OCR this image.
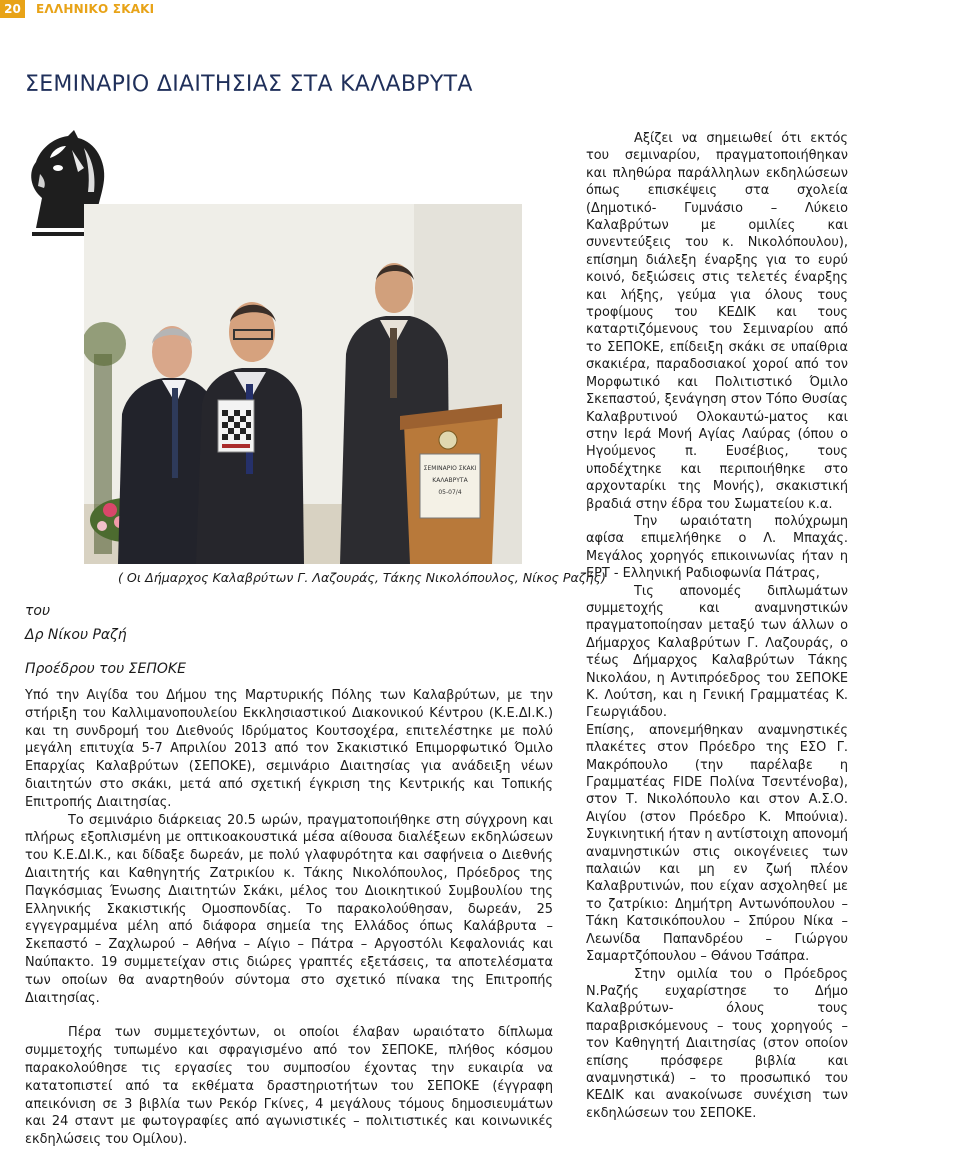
20	ΕΛΛΗΝΙΚΟ ΣΚΑΚΙ
ΣΕΜΙΝΑΡΙΟ ΔΙΑΙΤΗΣΙΑΣ ΣΤΑ ΚΑΛΑΒΡΥΤΑ
ΣΕΜΙΝΑΡΙΟ ΣΚΑΚΙ
ΚΑΛΑΒΡΥΤΑ
05-07/4
( Οι Δήμαρχος Καλαβρύτων Γ. Λαζουράς, Τάκης Νικολόπουλος, Νίκος Ραζής)
του
Δρ Νίκου Ραζή
Προέδρου του ΣΕΠΟΚΕ

Υπό την Αιγίδα του Δήμου της Μαρτυρικής Πόλης των Καλαβρύτων, με την στήριξη του Καλλιμανοπουλείου Εκκλησιαστικού Διακονικού Κέντρου (Κ.Ε.ΔΙ.Κ.) και τη συνδρομή του Διεθνούς Ιδρύματος Κουτσοχέρα, επιτελέστηκε με πολύ μεγάλη επιτυχία 5-7 Απριλίου 2013 από τον Σκακιστικό Επιμορφωτικό Όμιλο Επαρχίας Καλαβρύτων (ΣΕΠΟΚΕ), σεμινάριο Διαιτησίας για ανάδειξη νέων διαιτητών στο σκάκι, μετά από σχετική έγκριση της Κεντρικής και Τοπικής Επιτροπής Διαιτησίας.

Το σεμινάριο διάρκειας 20.5 ωρών, πραγματοποιήθηκε στη σύγχρονη και πλήρως εξοπλισμένη με οπτικοακουστικά μέσα αίθουσα διαλέξεων εκδηλώσεων του Κ.Ε.ΔΙ.Κ., και δίδαξε δωρεάν, με πολύ γλαφυρότητα και σαφήνεια ο Διεθνής Διαιτητής και Καθηγητής Ζατρικίου κ. Τάκης Νικολόπουλος, Πρόεδρος της Παγκόσμιας Ένωσης Διαιτητών Σκάκι, μέλος του Διοικητικού Συμβουλίου της Ελληνικής Σκακιστικής Ομοσπονδίας. Το παρακολούθησαν, δωρεάν, 25 εγγεγραμμένα μέλη από διάφορα σημεία της Ελλάδος όπως Καλάβρυτα – Σκεπαστό – Ζαχλωρού – Αθήνα – Αίγιο – Πάτρα – Αργοστόλι Κεφαλονιάς και Ναύπακτο. 19 συμμετείχαν στις διώρες γραπτές εξετάσεις, τα αποτελέσματα των οποίων θα αναρτηθούν σύντομα στο σχετικό πίνακα της Επιτροπής Διαιτησίας.

Πέρα των συμμετεχόντων, οι οποίοι έλαβαν ωραιότατο δίπλωμα συμμετοχής τυπωμένο και σφραγισμένο από τον ΣΕΠΟΚΕ, πλήθος κόσμου παρακολούθησε τις εργασίες του συμποσίου έχοντας την ευκαιρία να κατατοπιστεί από τα εκθέματα δραστηριοτήτων του ΣΕΠΟΚΕ (έγγραφη απεικόνιση σε 3 βιβλία των Ρεκόρ Γκίνες, 4 μεγάλους τόμους δημοσιευμάτων και 24 σταντ με φωτογραφίες από αγωνιστικές – πολιτιστικές και κοινωνικές εκδηλώσεις του Ομίλου).

Αξίζει να σημειωθεί ότι εκτός του σεμιναρίου, πραγματοποιήθηκαν και πληθώρα παράλληλων εκδηλώσεων όπως επισκέψεις στα σχολεία (Δημοτικό- Γυμνάσιο – Λύκειο Καλαβρύτων με ομιλίες και συνεντεύξεις του κ. Νικολόπουλου), επίσημη διάλεξη έναρξης για το ευρύ κοινό, δεξιώσεις στις τελετές έναρξης και λήξης, γεύμα για όλους τους τροφίμους του ΚΕΔΙΚ και τους καταρτιζόμενους του Σεμιναρίου από το ΣΕΠΟΚΕ, επίδειξη σκάκι σε υπαίθρια σκακιέρα, παραδοσιακοί χοροί από τον Μορφωτικό και Πολιτιστικό Όμιλο Σκεπαστού, ξενάγηση στον Τόπο Θυσίας Καλαβρυτινού Ολοκαυτώ-ματος και στην Ιερά Μονή Αγίας Λαύρας (όπου ο Ηγούμενος π. Ευσέβιος, τους υποδέχτηκε και περιποιήθηκε στο αρχονταρίκι της Μονής), σκακιστική βραδιά στην έδρα του Σωματείου κ.α.

Την ωραιότατη πολύχρωμη αφίσα επιμελήθηκε ο Λ. Μπαχάς. Μεγάλος χορηγός επικοινωνίας ήταν η ΕΡΤ - Ελληνική Ραδιοφωνία Πάτρας,

Τις απονομές διπλωμάτων συμμετοχής και αναμνηστικών πραγματοποίησαν μεταξύ των άλλων ο Δήμαρχος Καλαβρύτων Γ. Λαζουράς, ο τέως Δήμαρχος Καλαβρύτων Τάκης Νικολάου, η Αντιπρόεδρος του ΣΕΠΟΚΕ Κ. Λούτση, και η Γενική Γραμματέας Κ. Γεωργιάδου.

Επίσης, απονεμήθηκαν αναμνηστικές πλακέτες στον Πρόεδρο της ΕΣΟ Γ. Μακρόπουλο (την παρέλαβε η Γραμματέας FIDE Πολίνα Τσεντένοβα), στον Τ. Νικολόπουλο και στον Α.Σ.Ο. Αιγίου (στον Πρόεδρο Κ. Μπούνια). Συγκινητική ήταν η αντίστοιχη απονομή αναμνηστικών στις οικογένειες των παλαιών και μη εν ζωή πλέον Καλαβρυτινών, που είχαν ασχοληθεί με το ζατρίκιο: Δημήτρη Αντωνόπουλου – Τάκη Κατσικόπουλου – Σπύρου Νίκα – Λεωνίδα Παπανδρέου – Γιώργου Σαμαρτζόπουλου – Θάνου Τσάπρα.

Στην ομιλία του ο Πρόεδρος Ν.Ραζής ευχαρίστησε το Δήμο Καλαβρύτων- όλους τους παραβρισκόμενους – τους χορηγούς – τον Καθηγητή Διαιτησίας (στον οποίον επίσης πρόσφερε βιβλία και αναμνηστικά) – το προσωπικό του ΚΕΔΙΚ και ανακοίνωσε συνέχιση των εκδηλώσεων του ΣΕΠΟΚΕ.
